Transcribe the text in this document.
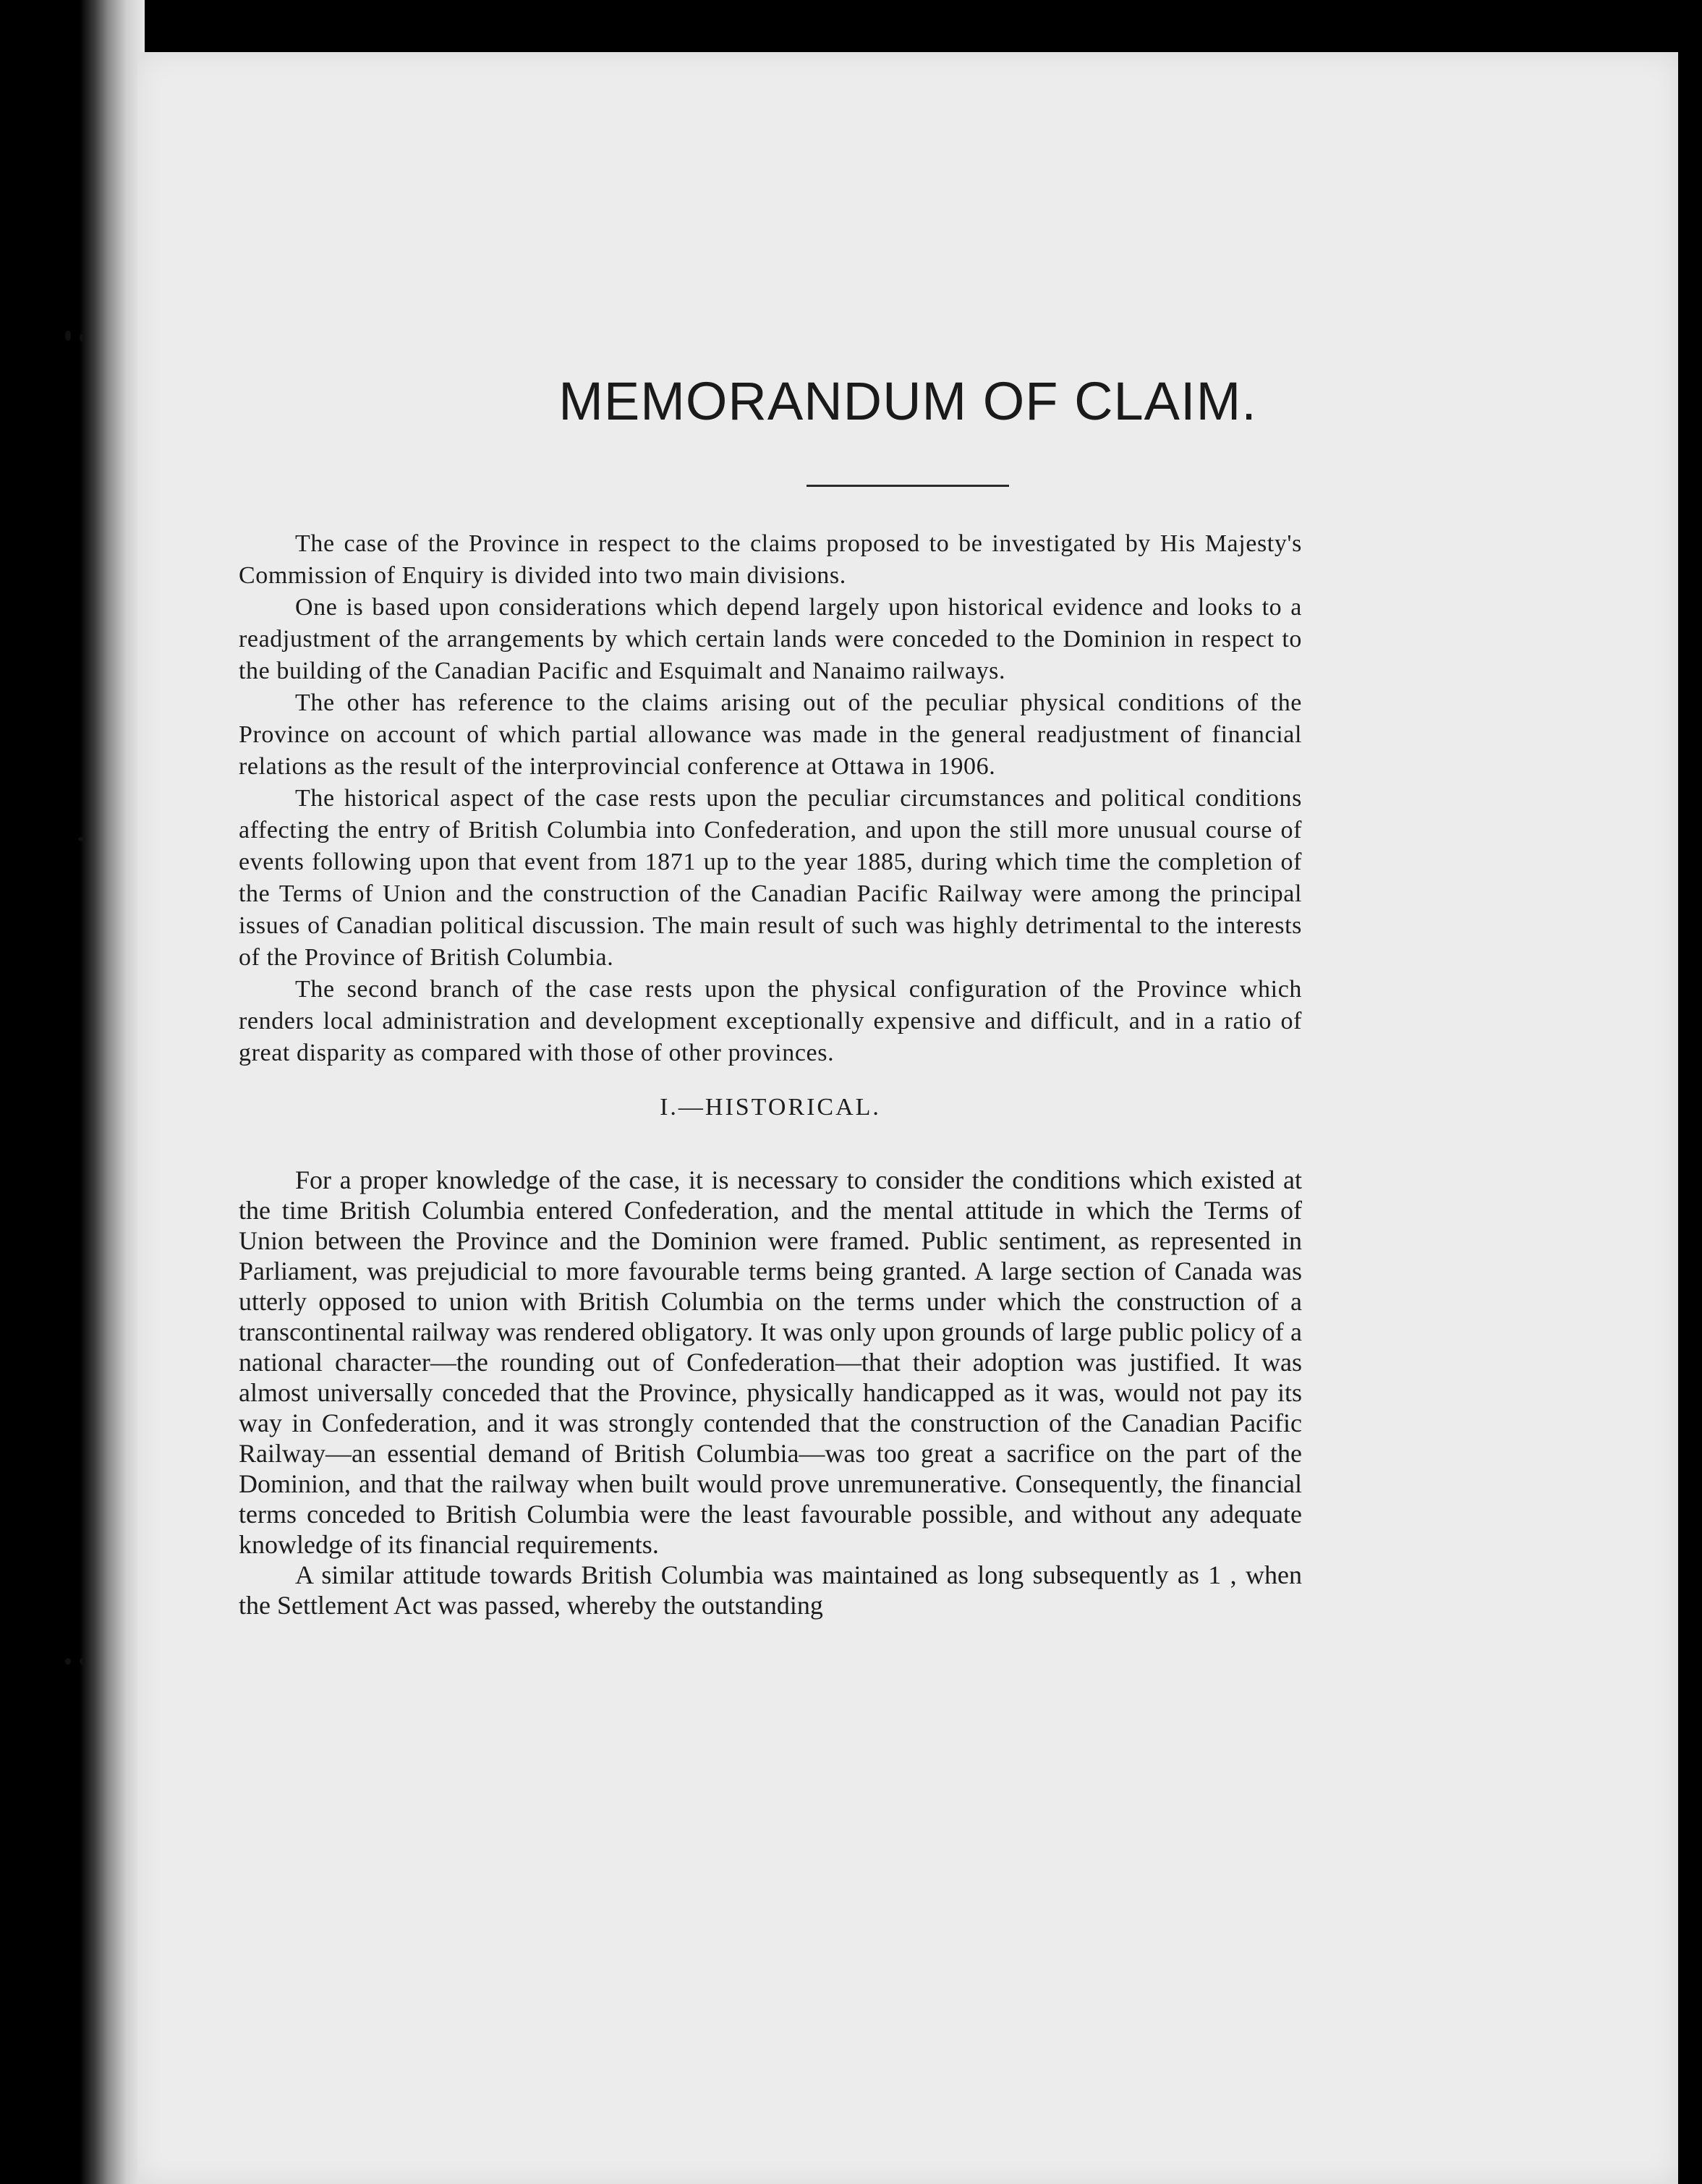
MEMORANDUM OF CLAIM.

The case of the Province in respect to the claims proposed to be investigated by His Majesty's Commission of Enquiry is divided into two main divisions.

One is based upon considerations which depend largely upon historical evidence and looks to a readjustment of the arrangements by which certain lands were conceded to the Dominion in respect to the building of the Canadian Pacific and Esquimalt and Nanaimo railways.

The other has reference to the claims arising out of the peculiar physical conditions of the Province on account of which partial allowance was made in the general readjustment of financial relations as the result of the interprovincial conference at Ottawa in 1906.

The historical aspect of the case rests upon the peculiar circumstances and political conditions affecting the entry of British Columbia into Confederation, and upon the still more unusual course of events following upon that event from 1871 up to the year 1885, during which time the completion of the Terms of Union and the construction of the Canadian Pacific Railway were among the principal issues of Canadian political discussion. The main result of such was highly detrimental to the interests of the Province of British Columbia.

The second branch of the case rests upon the physical configuration of the Province which renders local administration and development exceptionally expensive and difficult, and in a ratio of great disparity as compared with those of other provinces.

I.—HISTORICAL.

For a proper knowledge of the case, it is necessary to consider the conditions which existed at the time British Columbia entered Confederation, and the mental attitude in which the Terms of Union between the Province and the Dominion were framed. Public sentiment, as represented in Parliament, was prejudicial to more favourable terms being granted. A large section of Canada was utterly opposed to union with British Columbia on the terms under which the construction of a transcontinental railway was rendered obligatory. It was only upon grounds of large public policy of a national character—the rounding out of Confederation—that their adoption was justified. It was almost universally conceded that the Province, physically handicapped as it was, would not pay its way in Confederation, and it was strongly contended that the construction of the Canadian Pacific Railway—an essential demand of British Columbia—was too great a sacrifice on the part of the Dominion, and that the railway when built would prove unremunerative. Consequently, the financial terms conceded to British Columbia were the least favourable possible, and without any adequate knowledge of its financial requirements.

A similar attitude towards British Columbia was maintained as long subsequently as 1 , when the Settlement Act was passed, whereby the outstanding
